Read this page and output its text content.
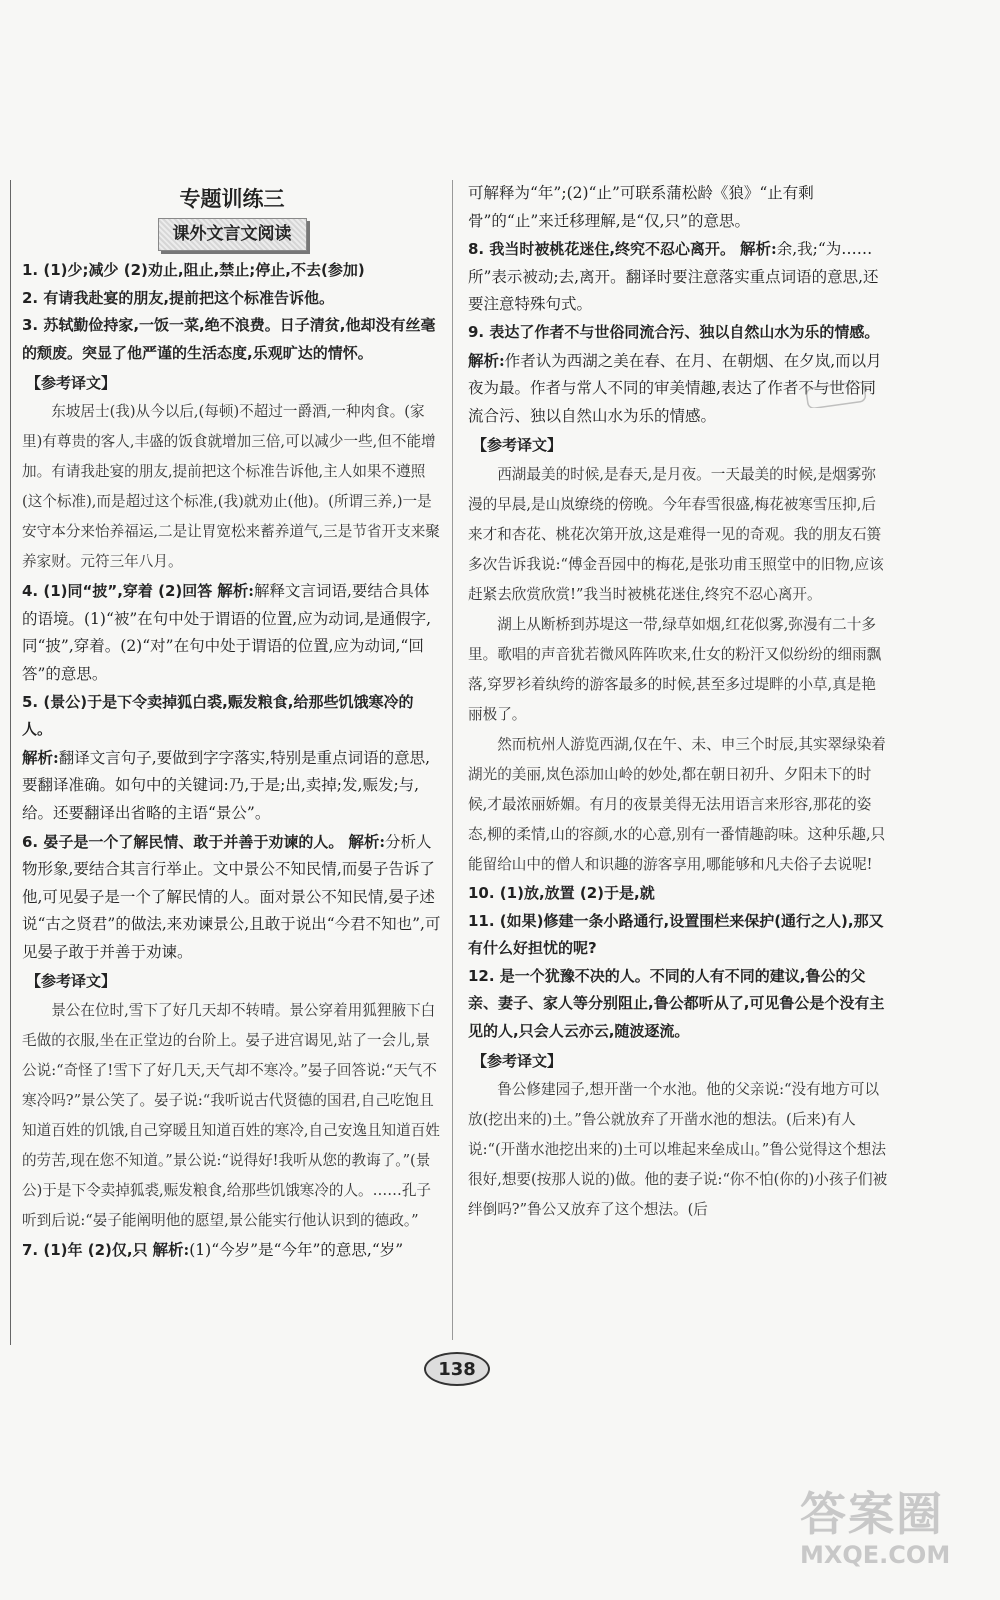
专题训练三
课外文言文阅读
1. (1)少;减少 (2)劝止,阻止,禁止;停止,不去(参加)
2. 有请我赴宴的朋友,提前把这个标准告诉他。
3. 苏轼勤俭持家,一饭一菜,绝不浪费。日子清贫,他却没有丝毫的颓废。突显了他严谨的生活态度,乐观旷达的情怀。
【参考译文】
东坡居士(我)从今以后,(每顿)不超过一爵酒,一种肉食。(家里)有尊贵的客人,丰盛的饭食就增加三倍,可以减少一些,但不能增加。有请我赴宴的朋友,提前把这个标准告诉他,主人如果不遵照(这个标准),而是超过这个标准,(我)就劝止(他)。(所谓三养,)一是安守本分来怡养福运,二是让胃宽松来蓄养道气,三是节省开支来聚养家财。元符三年八月。
4. (1)同“披”,穿着 (2)回答 解析:解释文言词语,要结合具体的语境。(1)“被”在句中处于谓语的位置,应为动词,是通假字,同“披”,穿着。(2)“对”在句中处于谓语的位置,应为动词,“回答”的意思。
5. (景公)于是下令卖掉狐白裘,赈发粮食,给那些饥饿寒冷的人。
解析:翻译文言句子,要做到字字落实,特别是重点词语的意思,要翻译准确。如句中的关键词:乃,于是;出,卖掉;发,赈发;与,给。还要翻译出省略的主语“景公”。
6. 晏子是一个了解民情、敢于并善于劝谏的人。 解析:分析人物形象,要结合其言行举止。文中景公不知民情,而晏子告诉了他,可见晏子是一个了解民情的人。面对景公不知民情,晏子述说“古之贤君”的做法,来劝谏景公,且敢于说出“今君不知也”,可见晏子敢于并善于劝谏。
【参考译文】
景公在位时,雪下了好几天却不转晴。景公穿着用狐狸腋下白毛做的衣服,坐在正堂边的台阶上。晏子进宫谒见,站了一会儿,景公说:“奇怪了!雪下了好几天,天气却不寒冷。”晏子回答说:“天气不寒冷吗?”景公笑了。晏子说:“我听说古代贤德的国君,自己吃饱且知道百姓的饥饿,自己穿暖且知道百姓的寒冷,自己安逸且知道百姓的劳苦,现在您不知道。”景公说:“说得好!我听从您的教诲了。”(景公)于是下令卖掉狐裘,赈发粮食,给那些饥饿寒冷的人。……孔子听到后说:“晏子能阐明他的愿望,景公能实行他认识到的德政。”
7. (1)年 (2)仅,只 解析:(1)“今岁”是“今年”的意思,“岁”
可解释为“年”;(2)“止”可联系蒲松龄《狼》“止有剩骨”的“止”来迁移理解,是“仅,只”的意思。
8. 我当时被桃花迷住,终究不忍心离开。 解析:余,我;“为……所”表示被动;去,离开。翻译时要注意落实重点词语的意思,还要注意特殊句式。
9. 表达了作者不与世俗同流合污、独以自然山水为乐的情感。
解析:作者认为西湖之美在春、在月、在朝烟、在夕岚,而以月夜为最。作者与常人不同的审美情趣,表达了作者不与世俗同流合污、独以自然山水为乐的情感。
【参考译文】
西湖最美的时候,是春天,是月夜。一天最美的时候,是烟雾弥漫的早晨,是山岚缭绕的傍晚。今年春雪很盛,梅花被寒雪压抑,后来才和杏花、桃花次第开放,这是难得一见的奇观。我的朋友石篑多次告诉我说:“傅金吾园中的梅花,是张功甫玉照堂中的旧物,应该赶紧去欣赏欣赏!”我当时被桃花迷住,终究不忍心离开。
湖上从断桥到苏堤这一带,绿草如烟,红花似雾,弥漫有二十多里。歌唱的声音犹若微风阵阵吹来,仕女的粉汗又似纷纷的细雨飘落,穿罗衫着纨绔的游客最多的时候,甚至多过堤畔的小草,真是艳丽极了。
然而杭州人游览西湖,仅在午、未、申三个时辰,其实翠绿染着湖光的美丽,岚色添加山岭的妙处,都在朝日初升、夕阳未下的时候,才最浓丽娇媚。有月的夜景美得无法用语言来形容,那花的姿态,柳的柔情,山的容颜,水的心意,别有一番情趣韵味。这种乐趣,只能留给山中的僧人和识趣的游客享用,哪能够和凡夫俗子去说呢!
10. (1)放,放置 (2)于是,就
11. (如果)修建一条小路通行,设置围栏来保护(通行之人),那又有什么好担忧的呢?
12. 是一个犹豫不决的人。不同的人有不同的建议,鲁公的父亲、妻子、家人等分别阻止,鲁公都听从了,可见鲁公是个没有主见的人,只会人云亦云,随波逐流。
【参考译文】
鲁公修建园子,想开凿一个水池。他的父亲说:“没有地方可以放(挖出来的)土。”鲁公就放弃了开凿水池的想法。(后来)有人说:“(开凿水池挖出来的)土可以堆起来垒成山。”鲁公觉得这个想法很好,想要(按那人说的)做。他的妻子说:“你不怕(你的)小孩子们被绊倒吗?”鲁公又放弃了这个想法。(后
138
答案圈
MXQE.COM
